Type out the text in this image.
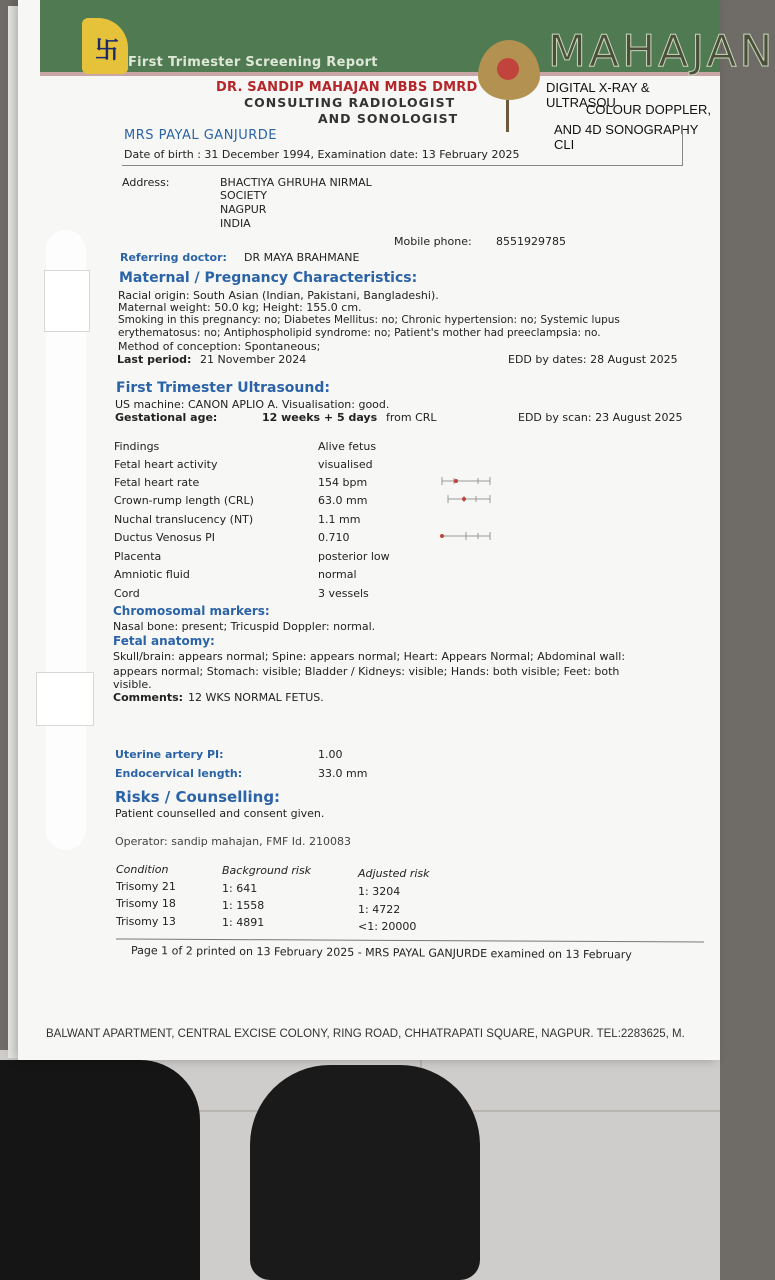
卐 First Trimester Screening Report	MAHAJAN
DR. SANDIP MAHAJAN MBBS DMRD
CONSULTING RADIOLOGIST
AND SONOLOGIST
DIGITAL X-RAY & ULTRASOU
COLOUR DOPPLER,
AND 4D SONOGRAPHY CLI
MRS PAYAL GANJURDE
Date of birth : 31 December 1994, Examination date: 13 February 2025
Address:	BHACTIYA GHRUHA NIRMAL
SOCIETY
NAGPUR
INDIA
Mobile phone: 8551929785
Referring doctor: DR MAYA BRAHMANE
Maternal / Pregnancy Characteristics:
Racial origin: South Asian (Indian, Pakistani, Bangladeshi).
Maternal weight: 50.0 kg; Height: 155.0 cm.
Smoking in this pregnancy: no; Diabetes Mellitus: no; Chronic hypertension: no; Systemic lupus
erythematosus: no; Antiphospholipid syndrome: no; Patient's mother had preeclampsia: no.
Method of conception: Spontaneous;
Last period: 21 November 2024	EDD by dates: 28 August 2025
First Trimester Ultrasound:
US machine: CANON APLIO A. Visualisation: good.
Gestational age:	12 weeks + 5 days from CRL	EDD by scan: 23 August 2025
Findings	Alive fetus
Fetal heart activity	visualised
Fetal heart rate	154 bpm
Crown-rump length (CRL)	63.0 mm
Nuchal translucency (NT)	1.1 mm
Ductus Venosus PI	0.710
Placenta	posterior low
Amniotic fluid	normal
Cord	3 vessels
Chromosomal markers:
Nasal bone: present; Tricuspid Doppler: normal.
Fetal anatomy:
Skull/brain: appears normal; Spine: appears normal; Heart: Appears Normal; Abdominal wall:
appears normal; Stomach: visible; Bladder / Kidneys: visible; Hands: both visible; Feet: both
visible.
Comments: 12 WKS NORMAL FETUS.
Uterine artery PI:	1.00
Endocervical length:	33.0 mm
Risks / Counselling:
Patient counselled and consent given.
Operator: sandip mahajan, FMF Id. 210083
Condition	Background risk	Adjusted risk
Trisomy 21	1: 641	1: 3204
Trisomy 18	1: 1558	1: 4722
Trisomy 13	1: 4891	<1: 20000
Page 1 of 2 printed on 13 February 2025 - MRS PAYAL GANJURDE examined on 13 February
BALWANT APARTMENT, CENTRAL EXCISE COLONY, RING ROAD, CHHATRAPATI SQUARE, NAGPUR. TEL:2283625, M.
